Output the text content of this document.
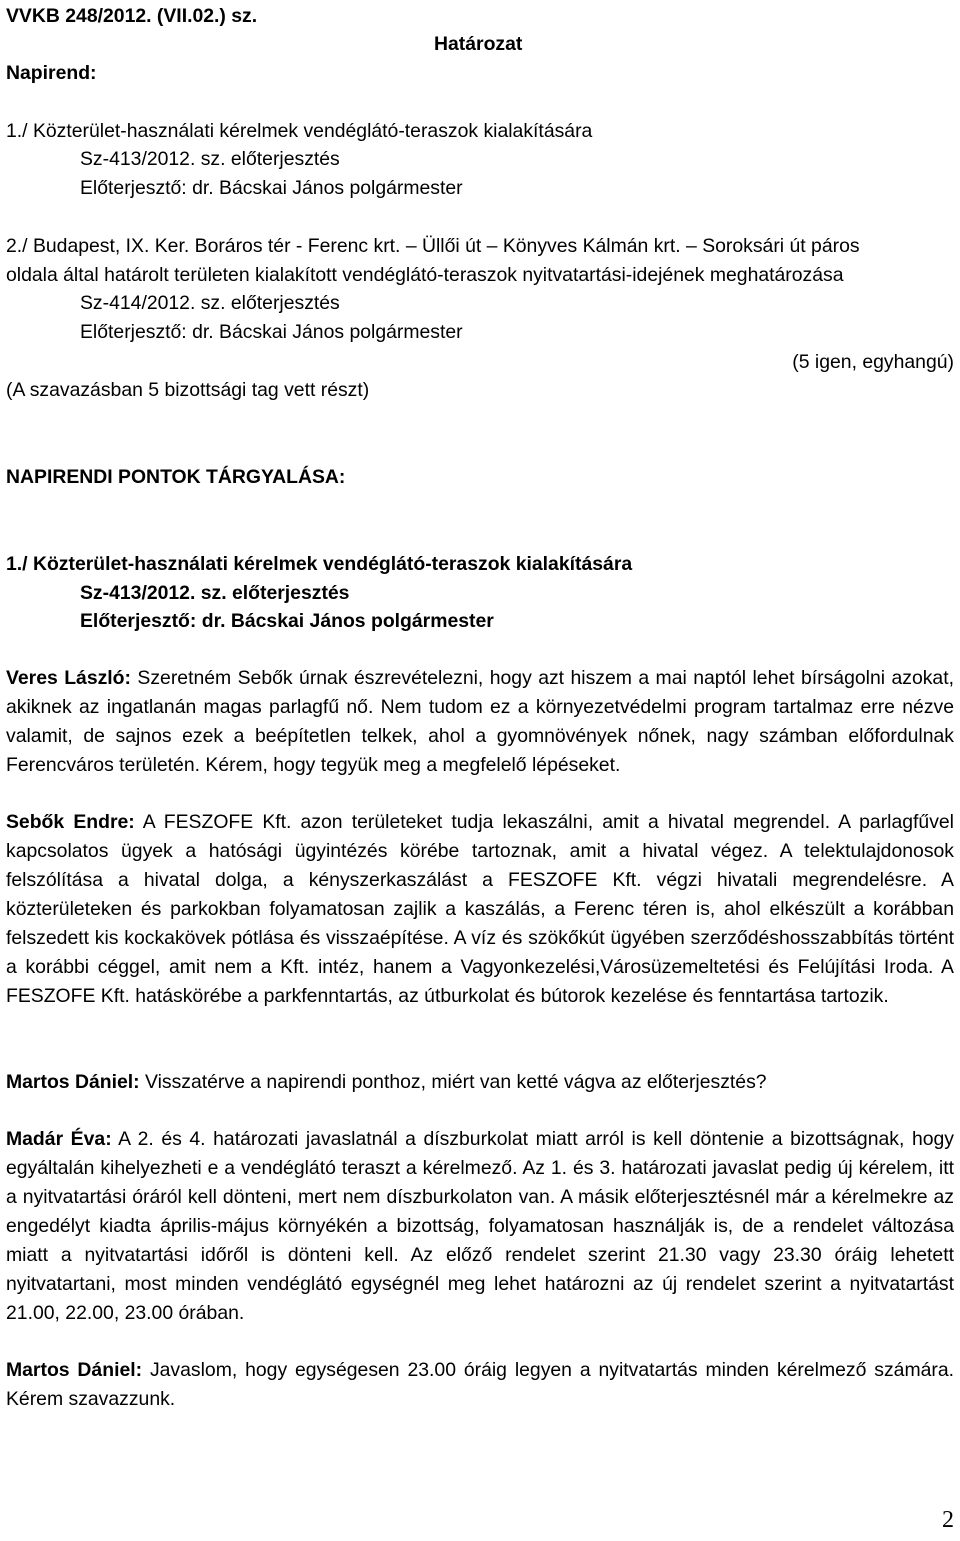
VVKB 248/2012. (VII.02.) sz.
Határozat
Napirend:
1./ Közterület-használati kérelmek vendéglátó-teraszok kialakítására
Sz-413/2012. sz. előterjesztés
Előterjesztő: dr. Bácskai János polgármester
2./ Budapest, IX. Ker. Boráros tér - Ferenc krt. – Üllői út – Könyves Kálmán krt. – Soroksári út páros
oldala által határolt területen kialakított vendéglátó-teraszok nyitvatartási-idejének meghatározása
Sz-414/2012. sz. előterjesztés
Előterjesztő: dr. Bácskai János polgármester
(5 igen, egyhangú)
(A szavazásban 5 bizottsági tag vett részt)
NAPIRENDI PONTOK TÁRGYALÁSA:
1./ Közterület-használati kérelmek vendéglátó-teraszok kialakítására
Sz-413/2012. sz. előterjesztés
Előterjesztő: dr. Bácskai János polgármester

Veres László: Szeretném Sebők úrnak észrevételezni, hogy azt hiszem a mai naptól lehet bírságolni azokat, akiknek az ingatlanán magas parlagfű nő. Nem tudom ez a környezetvédelmi program tartalmaz erre nézve valamit, de sajnos ezek a beépítetlen telkek, ahol a gyomnövények nőnek, nagy számban előfordulnak Ferencváros területén. Kérem, hogy tegyük meg a megfelelő lépéseket.

Sebők Endre: A FESZOFE Kft. azon területeket tudja lekaszálni, amit a hivatal megrendel. A parlagfűvel kapcsolatos ügyek a hatósági ügyintézés körébe tartoznak, amit a hivatal végez. A telektulajdonosok felszólítása a hivatal dolga, a kényszerkaszálást a FESZOFE Kft. végzi hivatali megrendelésre. A közterületeken és parkokban folyamatosan zajlik a kaszálás, a Ferenc téren is, ahol elkészült a korábban felszedett kis kockakövek pótlása és visszaépítése. A víz és szökőkút ügyében szerződéshosszabbítás történt a korábbi céggel, amit nem a Kft. intéz, hanem a Vagyonkezelési,Városüzemeltetési és Felújítási Iroda. A FESZOFE Kft. hatáskörébe a parkfenntartás, az útburkolat és bútorok kezelése és fenntartása tartozik.

Martos Dániel: Visszatérve a napirendi ponthoz, miért van ketté vágva az előterjesztés?

Madár Éva: A 2. és 4. határozati javaslatnál a díszburkolat miatt arról is kell döntenie a bizottságnak, hogy egyáltalán kihelyezheti e a vendéglátó teraszt a kérelmező. Az 1. és 3. határozati javaslat pedig új kérelem, itt a nyitvatartási óráról kell dönteni, mert nem díszburkolaton van. A másik előterjesztésnél már a kérelmekre az engedélyt kiadta április-május környékén a bizottság, folyamatosan használják is, de a rendelet változása miatt a nyitvatartási időről is dönteni kell. Az előző rendelet szerint 21.30 vagy 23.30 óráig lehetett nyitvatartani, most minden vendéglátó egységnél meg lehet határozni az új rendelet szerint a nyitvatartást 21.00, 22.00, 23.00 órában.

Martos Dániel: Javaslom, hogy egységesen 23.00 óráig legyen a nyitvatartás minden kérelmező számára. Kérem szavazzunk.

2
